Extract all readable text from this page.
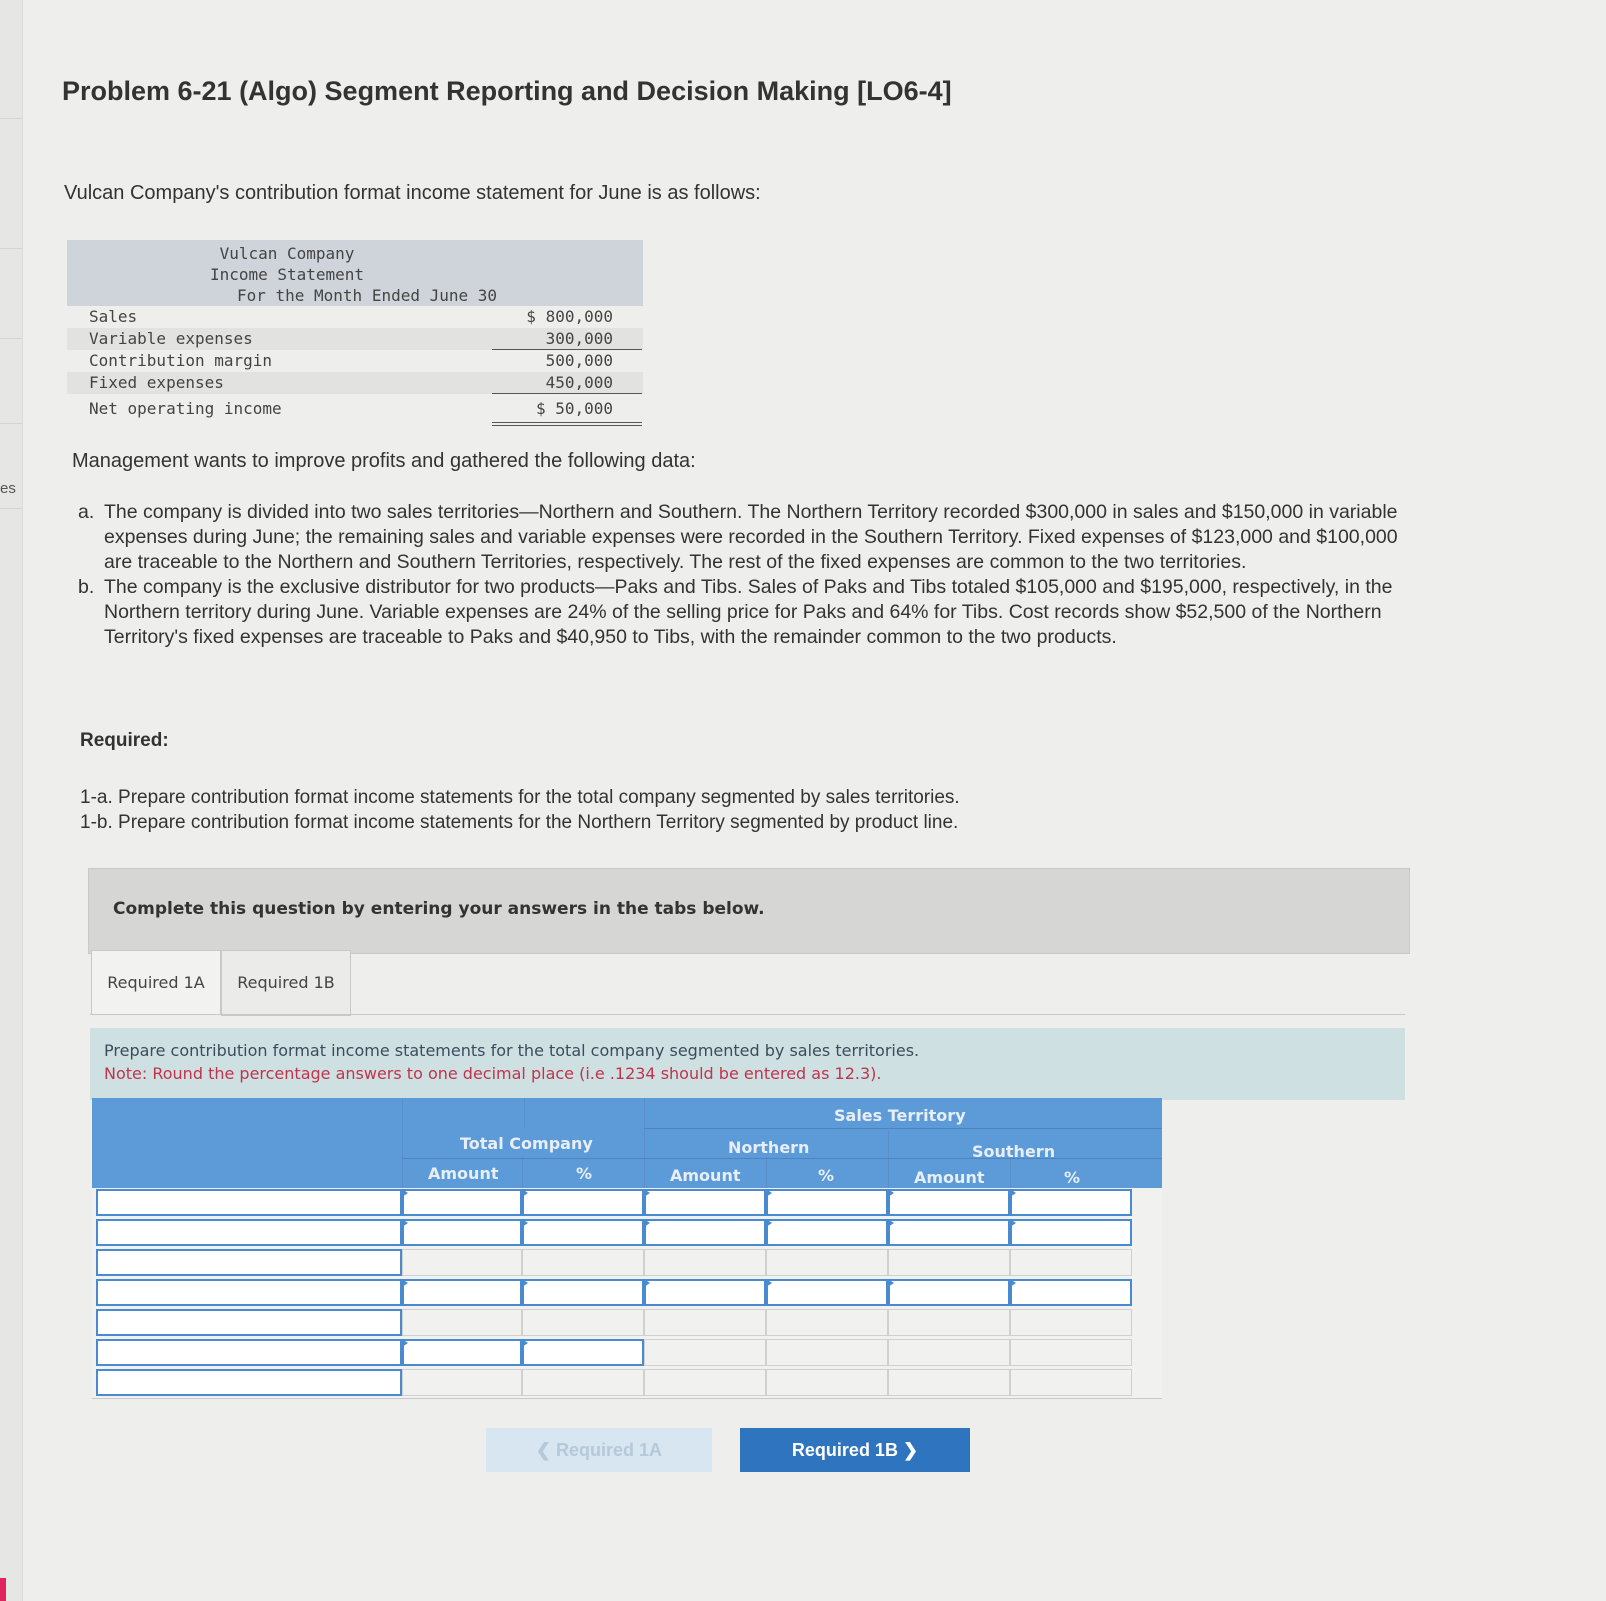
es
Problem 6-21 (Algo) Segment Reporting and Decision Making [LO6-4]
Vulcan Company's contribution format income statement for June is as follows:
Vulcan Company
Income Statement
For the Month Ended June 30
Sales	$ 800,000
Variable expenses	300,000
Contribution margin	500,000
Fixed expenses	450,000
Net operating income	$ 50,000
Management wants to improve profits and gathered the following data:
a. The company is divided into two sales territories—Northern and Southern. The Northern Territory recorded $300,000 in sales and $150,000 in variable expenses during June; the remaining sales and variable expenses were recorded in the Southern Territory. Fixed expenses of $123,000 and $100,000 are traceable to the Northern and Southern Territories, respectively. The rest of the fixed expenses are common to the two territories.
b. The company is the exclusive distributor for two products—Paks and Tibs. Sales of Paks and Tibs totaled $105,000 and $195,000, respectively, in the Northern territory during June. Variable expenses are 24% of the selling price for Paks and 64% for Tibs. Cost records show $52,500 of the Northern Territory's fixed expenses are traceable to Paks and $40,950 to Tibs, with the remainder common to the two products.
Required:
1-a. Prepare contribution format income statements for the total company segmented by sales territories.
1-b. Prepare contribution format income statements for the Northern Territory segmented by product line.
Complete this question by entering your answers in the tabs below.
Required 1A	Required 1B
Prepare contribution format income statements for the total company segmented by sales territories.
Note: Round the percentage answers to one decimal place (i.e .1234 should be entered as 12.3).
Sales Territory
Total Company	Northern	Southern
Amount	%	Amount	%	Amount	%
❮ Required 1A	Required 1B ❯
